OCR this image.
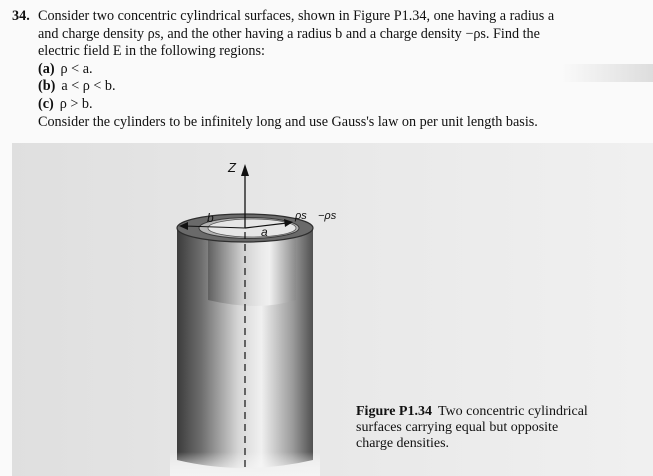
34. Consider two concentric cylindrical surfaces, shown in Figure P1.34, one having a radius a
and charge density ρs, and the other having a radius b and a charge density −ρs. Find the
electric field E in the following regions:
(a) ρ < a.
(b) a < ρ < b.
(c) ρ > b.
Consider the cylinders to be infinitely long and use Gauss's law on per unit length basis.
Z
b
a
ρs −ρs
Figure P1.34 Two concentric cylindrical surfaces carrying equal but opposite charge densities.
